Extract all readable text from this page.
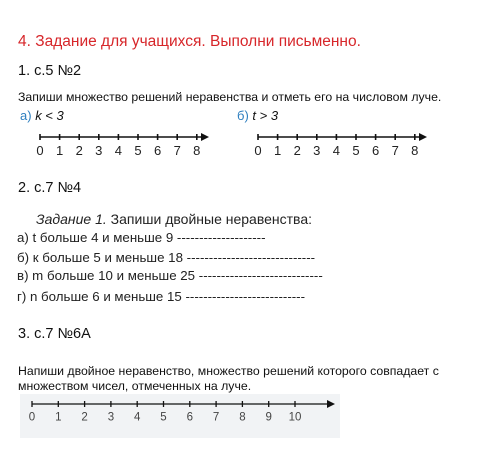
4. Задание для учащихся. Выполни письменно.
1. с.5 №2
Запиши множество решений неравенства и отметь его на числовом луче.
а) k < 3	б) t > 3
0 1 2 3 4 5 6 7 8	0 1 2 3 4 5 6 7 8
2. с.7 №4
Задание 1. Запиши двойные неравенства:
а) t больше 4 и меньше 9 --------------------
б) к больше 5 и меньше 18 -----------------------------
в) m больше 10 и меньше 25 ----------------------------
г) n больше 6 и меньше 15 ---------------------------
3. с.7 №6А
Напиши двойное неравенство, множество решений которого совпадает с
множеством чисел, отмеченных на луче.
0 1 2 3 4 5 6 7 8 9 10
